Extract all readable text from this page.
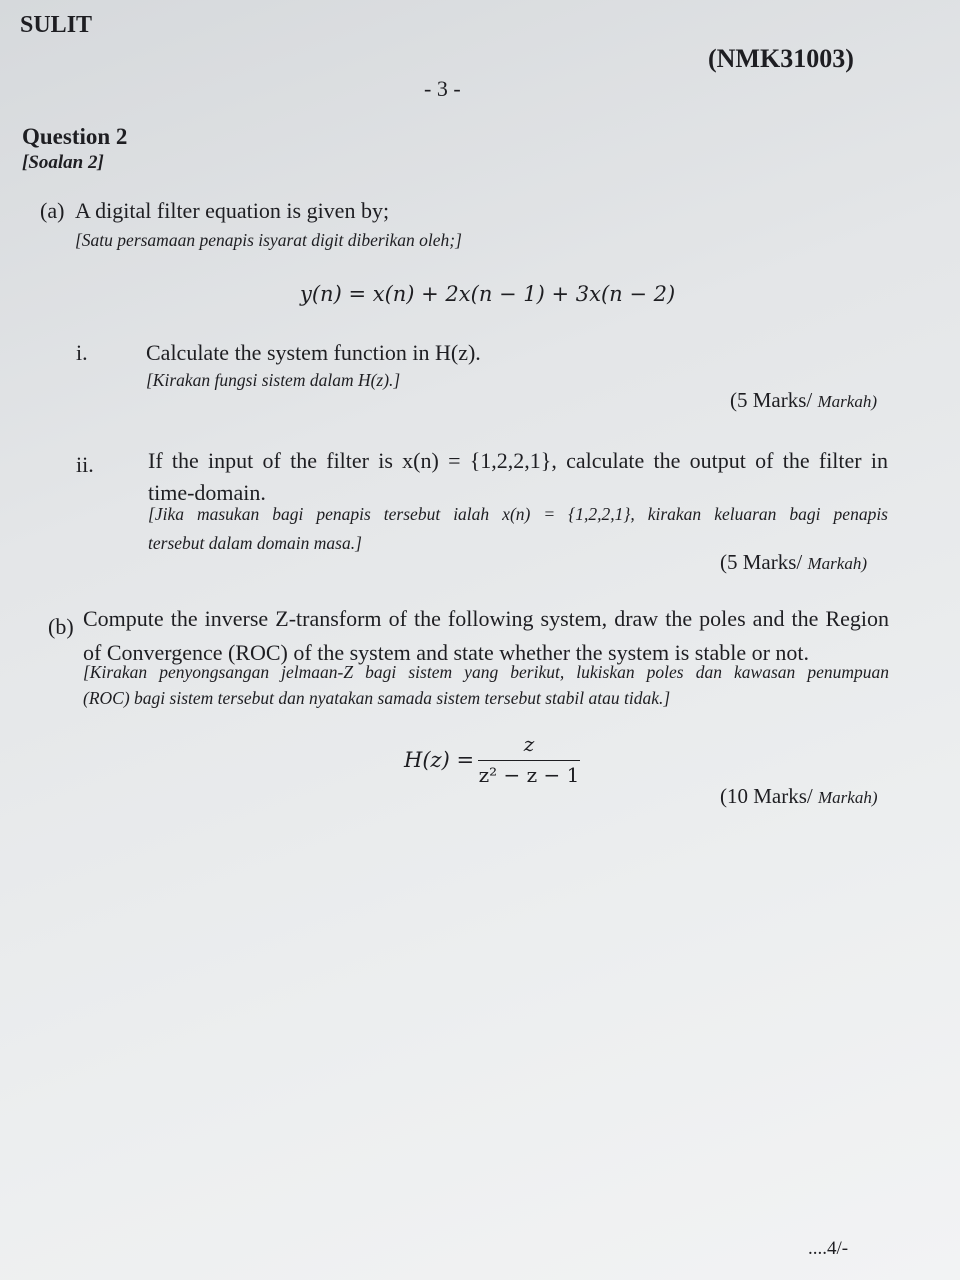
SULIT
(NMK31003)
- 3 -
Question 2
[Soalan 2]
(a) A digital filter equation is given by;
[Satu persamaan penapis isyarat digit diberikan oleh;]
y(n) = x(n) + 2x(n − 1) + 3x(n − 2)
i.	Calculate the system function in H(z).
[Kirakan fungsi sistem dalam H(z).]
(5 Marks/ Markah)
ii. If the input of the filter is x(n) = {1,2,2,1}, calculate the output of the filter in
time-domain.
[Jika masukan bagi penapis tersebut ialah x(n) = {1,2,2,1}, kirakan keluaran bagi penapis
tersebut dalam domain masa.]
(5 Marks/ Markah)
(b) Compute the inverse Z-transform of the following system, draw the poles and the Region
of Convergence (ROC) of the system and state whether the system is stable or not.
[Kirakan penyongsangan jelmaan-Z bagi sistem yang berikut, lukiskan poles dan kawasan penumpuan
(ROC) bagi sistem tersebut dan nyatakan samada sistem tersebut stabil atau tidak.]
$H(z) = \frac{z}{\text{z² − z − 1}}$
(10 Marks/ Markah)
....4/-
